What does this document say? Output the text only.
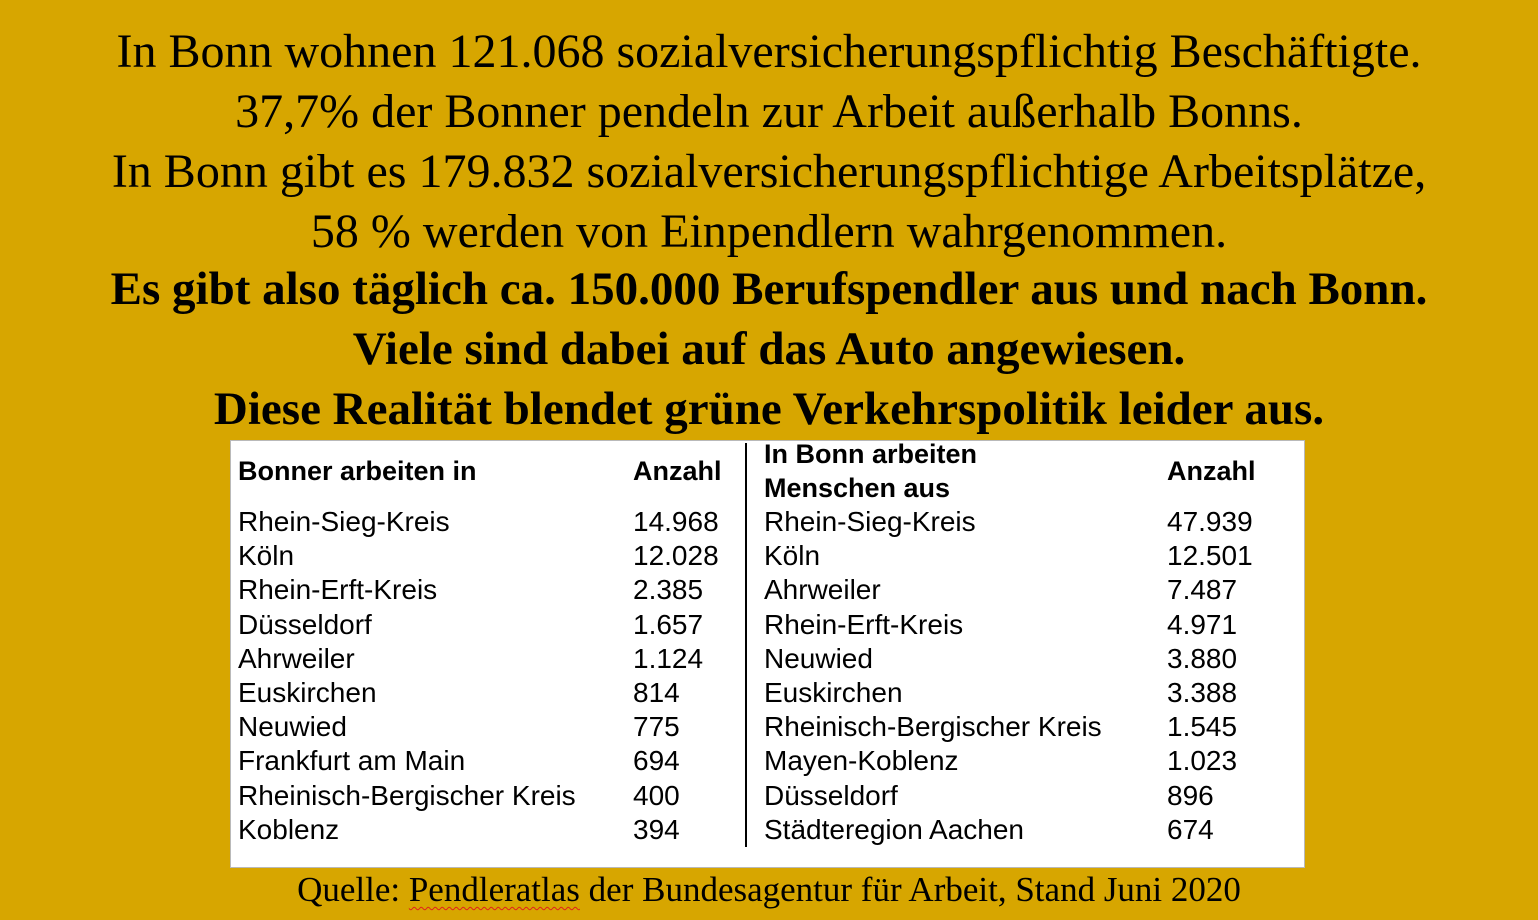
In Bonn wohnen 121.068 sozialversicherungspflichtig Beschäftigte.
37,7% der Bonner pendeln zur Arbeit außerhalb Bonns.
In Bonn gibt es 179.832 sozialversicherungspflichtige Arbeitsplätze,
58 % werden von Einpendlern wahrgenommen.
Es gibt also täglich ca. 150.000 Berufspendler aus und nach Bonn.
Viele sind dabei auf das Auto angewiesen.
Diese Realität blendet grüne Verkehrspolitik leider aus.
Bonner arbeiten in	Anzahl
In Bonn arbeiten
Menschen aus
Anzahl
Rhein-Sieg-Kreis	14.968 Rhein-Sieg-Kreis	47.939
Köln	12.028 Köln	12.501
Rhein-Erft-Kreis	2.385 Ahrweiler	7.487
Düsseldorf	1.657 Rhein-Erft-Kreis	4.971
Ahrweiler	1.124 Neuwied	3.880
Euskirchen	814	Euskirchen	3.388
Neuwied	775	Rheinisch-Bergischer Kreis 1.545
Frankfurt am Main	694	Mayen-Koblenz	1.023
Rheinisch-Bergischer Kreis 400	Düsseldorf	896
Koblenz	394	Städteregion Aachen	674
Quelle: Pendleratlas der Bundesagentur für Arbeit, Stand Juni 2020
